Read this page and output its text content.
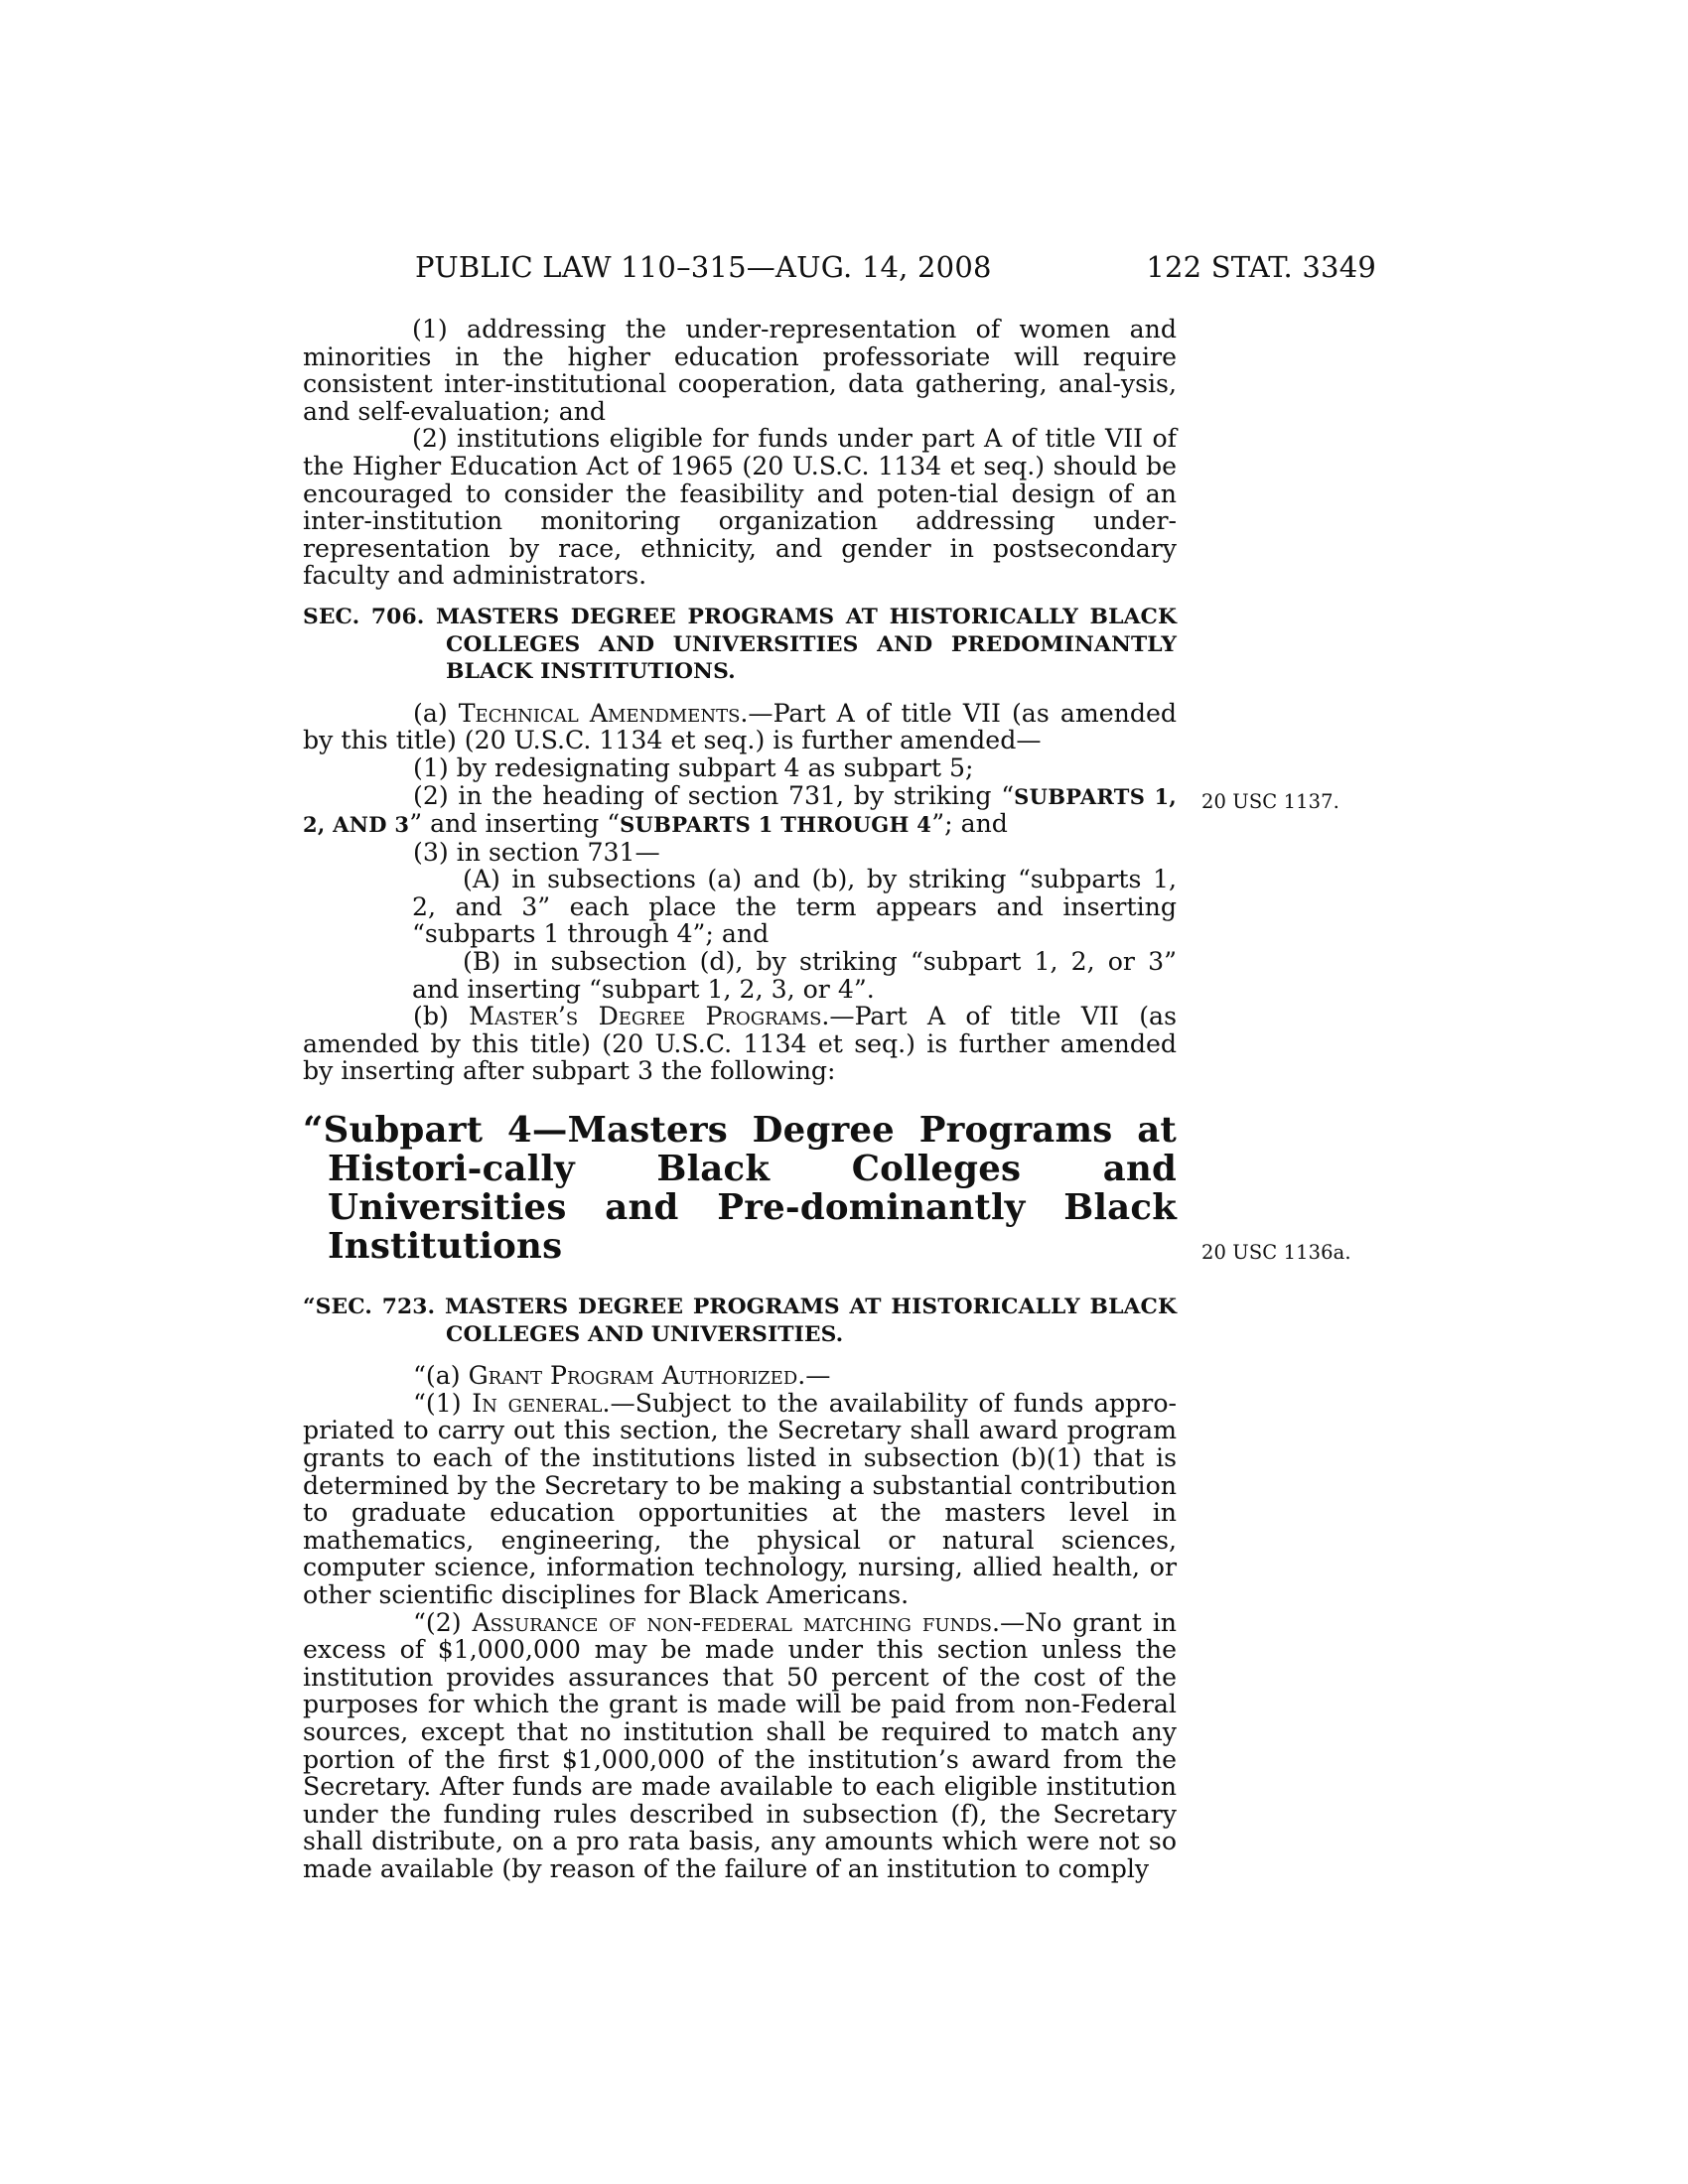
PUBLIC LAW 110–315—AUG. 14, 2008	122 STAT. 3349
20 USC 1137.
20 USC 1136a.

(1) addressing the under-representation of women and minorities in the higher education professoriate will require consistent inter-institutional cooperation, data gathering, anal-ysis, and self-evaluation; and

(2) institutions eligible for funds under part A of title VII of the Higher Education Act of 1965 (20 U.S.C. 1134 et seq.) should be encouraged to consider the feasibility and poten-tial design of an inter-institution monitoring organization addressing under-representation by race, ethnicity, and gender in postsecondary faculty and administrators.

SEC. 706. MASTERS DEGREE PROGRAMS AT HISTORICALLY BLACK COLLEGES AND UNIVERSITIES AND PREDOMINANTLY BLACK INSTITUTIONS.

(a) Technical Amendments.—Part A of title VII (as amended by this title) (20 U.S.C. 1134 et seq.) is further amended—

(1) by redesignating subpart 4 as subpart 5;

(2) in the heading of section 731, by striking “SUBPARTS 1, 2, AND 3” and inserting “SUBPARTS 1 THROUGH 4”; and

(3) in section 731—

(A) in subsections (a) and (b), by striking “subparts 1, 2, and 3” each place the term appears and inserting “subparts 1 through 4”; and

(B) in subsection (d), by striking “subpart 1, 2, or 3” and inserting “subpart 1, 2, 3, or 4”.

(b) Master’s Degree Programs.—Part A of title VII (as amended by this title) (20 U.S.C. 1134 et seq.) is further amended by inserting after subpart 3 the following:

“Subpart 4—Masters Degree Programs at Histori-cally Black Colleges and Universities and Pre-dominantly Black Institutions
“SEC. 723. MASTERS DEGREE PROGRAMS AT HISTORICALLY BLACK COLLEGES AND UNIVERSITIES.

“(a) Grant Program Authorized.—

“(1) In general.—Subject to the availability of funds appro-priated to carry out this section, the Secretary shall award program grants to each of the institutions listed in subsection (b)(1) that is determined by the Secretary to be making a substantial contribution to graduate education opportunities at the masters level in mathematics, engineering, the physical or natural sciences, computer science, information technology, nursing, allied health, or other scientific disciplines for Black Americans.

“(2) Assurance of non-federal matching funds.—No grant in excess of $1,000,000 may be made under this section unless the institution provides assurances that 50 percent of the cost of the purposes for which the grant is made will be paid from non-Federal sources, except that no institution shall be required to match any portion of the first $1,000,000 of the institution’s award from the Secretary. After funds are made available to each eligible institution under the funding rules described in subsection (f), the Secretary shall distribute, on a pro rata basis, any amounts which were not so made available (by reason of the failure of an institution to comply
